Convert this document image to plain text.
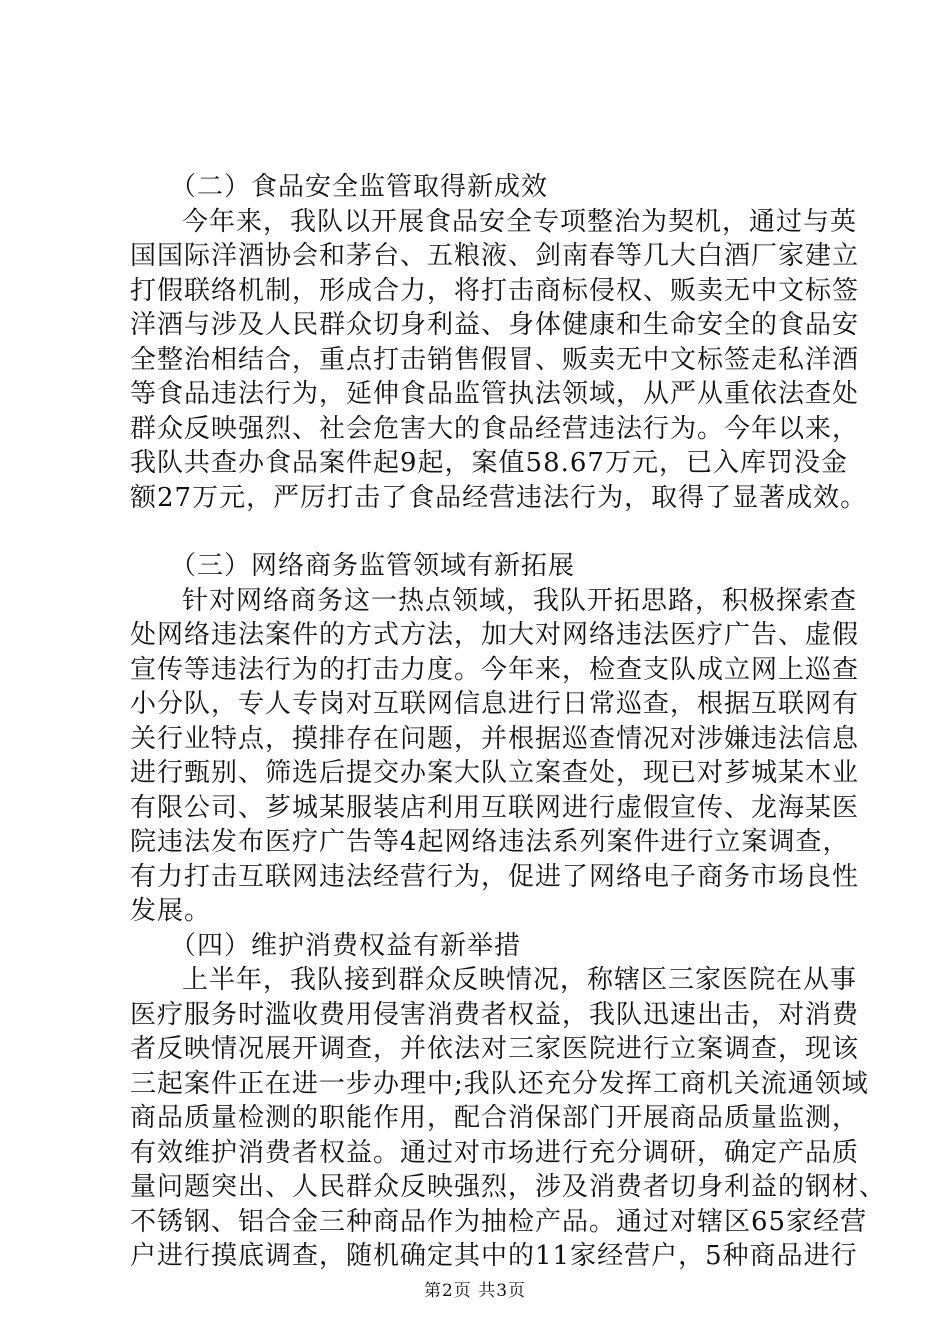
（二）食品安全监管取得新成效
今年来，我队以开展食品安全专项整治为契机，通过与英
国国际洋酒协会和茅台、五粮液、剑南春等几大白酒厂家建立
打假联络机制，形成合力，将打击商标侵权、贩卖无中文标签
洋酒与涉及人民群众切身利益、身体健康和生命安全的食品安
全整治相结合，重点打击销售假冒、贩卖无中文标签走私洋酒
等食品违法行为，延伸食品监管执法领域，从严从重依法查处
群众反映强烈、社会危害大的食品经营违法行为。今年以来，
我队共查办食品案件起9起，案值58.67万元，已入库罚没金
额27万元，严厉打击了食品经营违法行为，取得了显著成效。
（三）网络商务监管领域有新拓展
针对网络商务这一热点领域，我队开拓思路，积极探索查
处网络违法案件的方式方法，加大对网络违法医疗广告、虚假
宣传等违法行为的打击力度。今年来，检查支队成立网上巡查
小分队，专人专岗对互联网信息进行日常巡查，根据互联网有
关行业特点，摸排存在问题，并根据巡查情况对涉嫌违法信息
进行甄别、筛选后提交办案大队立案查处，现已对芗城某木业
有限公司、芗城某服装店利用互联网进行虚假宣传、龙海某医
院违法发布医疗广告等4起网络违法系列案件进行立案调查，
有力打击互联网违法经营行为，促进了网络电子商务市场良性
发展。
（四）维护消费权益有新举措
上半年，我队接到群众反映情况，称辖区三家医院在从事
医疗服务时滥收费用侵害消费者权益，我队迅速出击，对消费
者反映情况展开调查，并依法对三家医院进行立案调查，现该
三起案件正在进一步办理中;我队还充分发挥工商机关流通领域
商品质量检测的职能作用，配合消保部门开展商品质量监测，
有效维护消费者权益。通过对市场进行充分调研，确定产品质
量问题突出、人民群众反映强烈，涉及消费者切身利益的钢材、
不锈钢、铝合金三种商品作为抽检产品。通过对辖区65家经营
户进行摸底调查，随机确定其中的11家经营户，5种商品进行
第2页 共3页
